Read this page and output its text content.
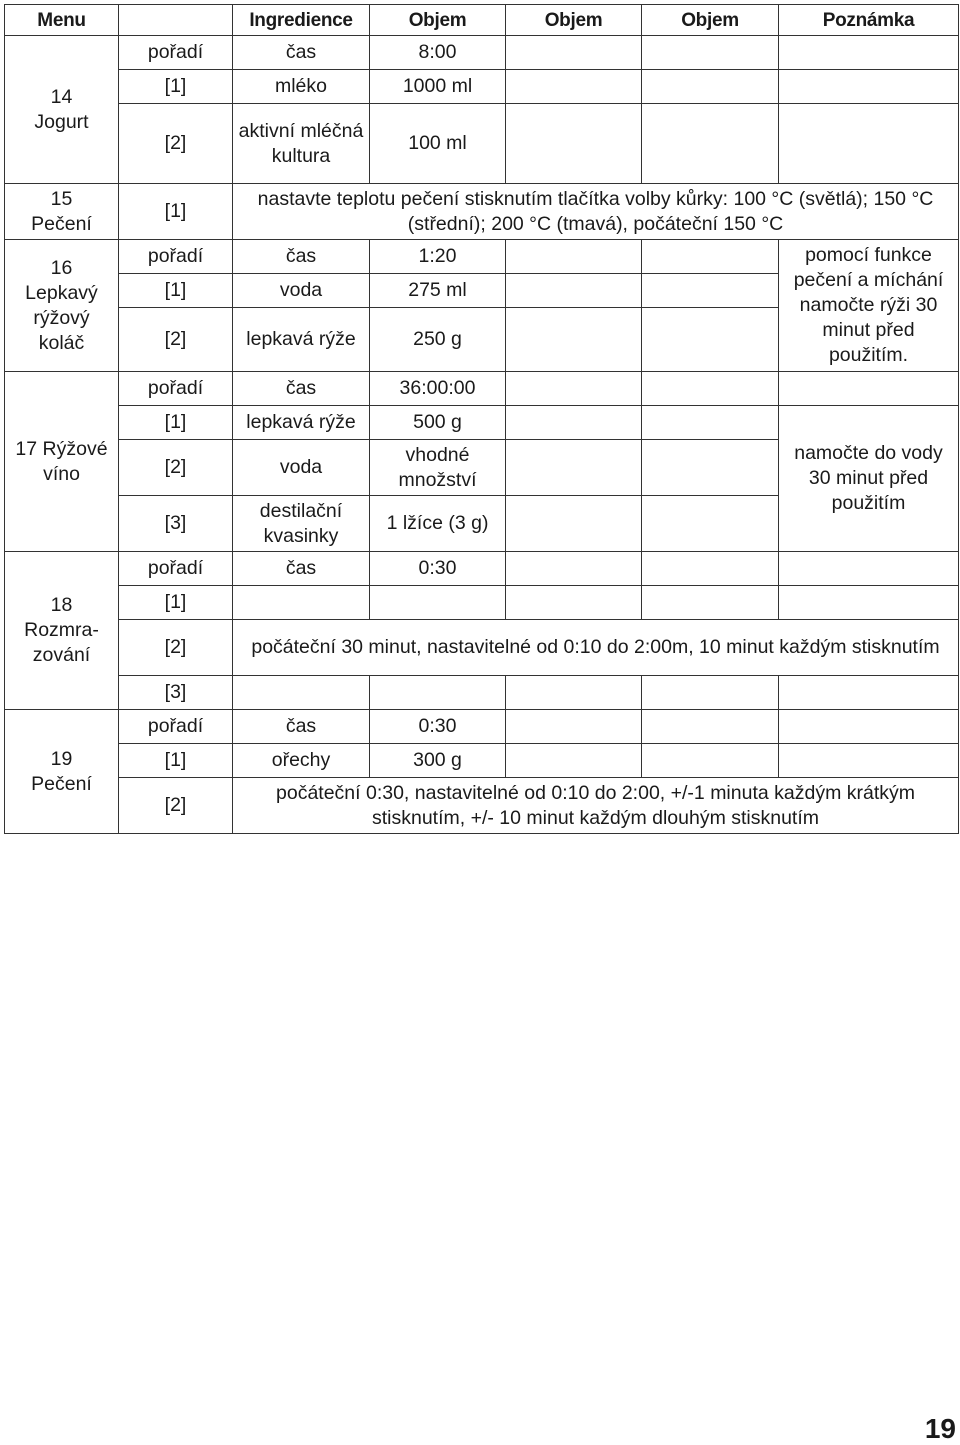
Menu		Ingredience	Objem	Objem	Objem	Poznámka
14
Jogurt	pořadí	čas	8:00			
	[1]	mléko	1000 ml			
	[2]	aktivní mléčná kultura	100 ml			
15
Pečení	[1]	nastavte teplotu pečení stisknutím tlačítka volby kůrky: 100 °C (světlá); 150 °C (střední); 200 °C (tmavá), počáteční 150 °C				
16
Lepkavý rýžový koláč	pořadí	čas	1:20			pomocí funkce pečení a míchání namočte rýži 30 minut před použitím.
	[1]	voda	275 ml			
	[2]	lepkavá rýže	250 g			
17 Rýžové víno	pořadí	čas	36:00:00			
	[1]	lepkavá rýže	500 g			namočte do vody 30 minut před použitím
	[2]	voda	vhodné množství			
	[3]	destilační kvasinky	1 lžíce (3 g)			
18
Rozmra-zování	pořadí	čas	0:30			
	[1]					
	[2]	počáteční 30 minut, nastavitelné od 0:10 do 2:00m, 10 minut každým stisknutím				
	[3]					
19
Pečení	pořadí	čas	0:30			
	[1]	ořechy	300 g			
	[2]	počáteční 0:30, nastavitelné od 0:10 do 2:00, +/-1 minuta každým krátkým stisknutím, +/- 10 minut každým dlouhým stisknutím				
19
